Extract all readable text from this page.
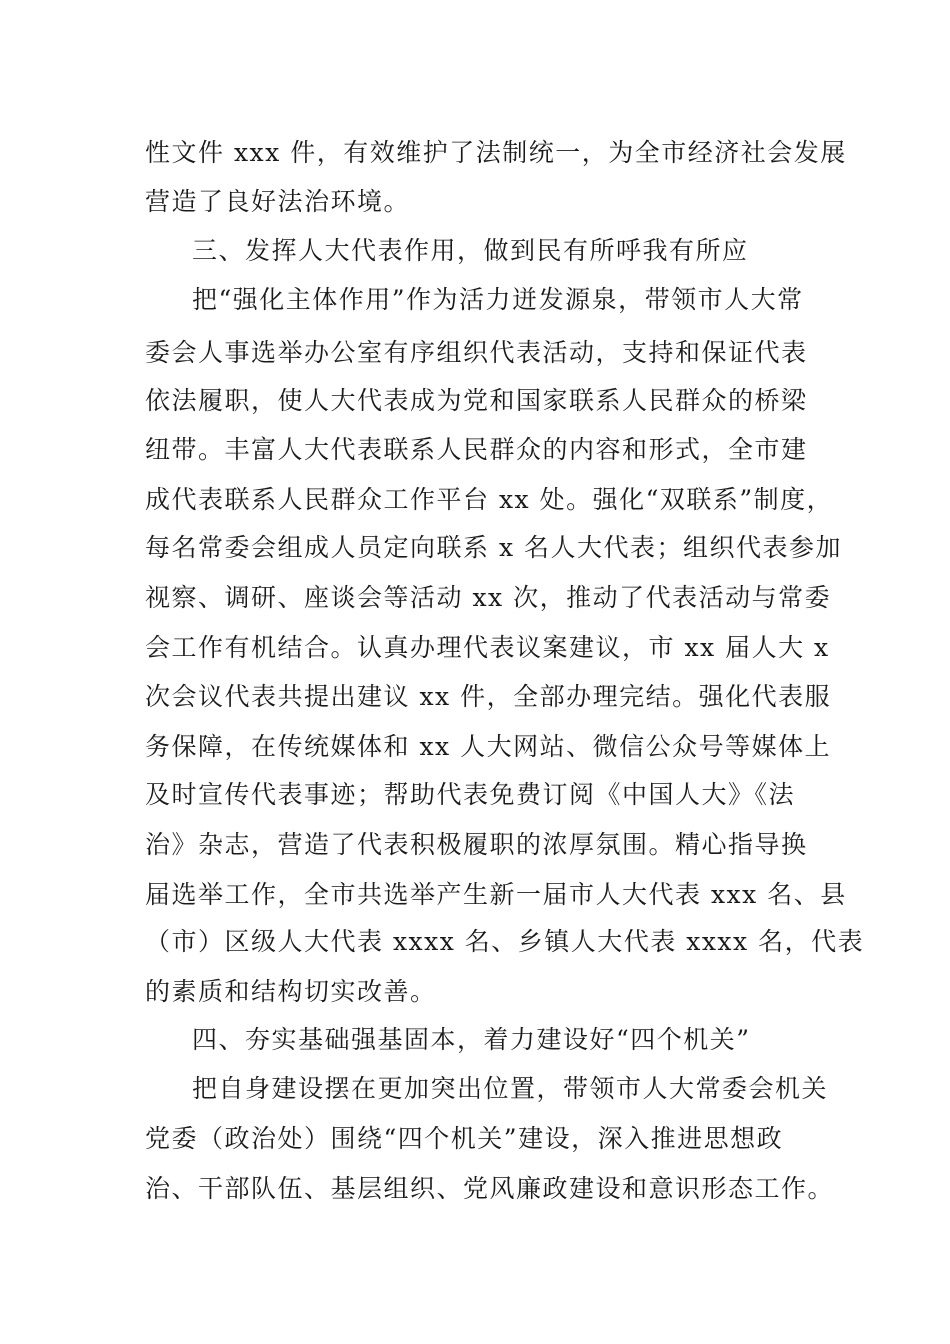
性文件 xxx 件，有效维护了法制统一，为全市经济社会发展
营造了良好法治环境。
三、发挥人大代表作用，做到民有所呼我有所应
把“强化主体作用”作为活力迸发源泉，带领市人大常
委会人事选举办公室有序组织代表活动，支持和保证代表
依法履职，使人大代表成为党和国家联系人民群众的桥梁
纽带。丰富人大代表联系人民群众的内容和形式，全市建
成代表联系人民群众工作平台 xx 处。强化“双联系”制度，
每名常委会组成人员定向联系 x 名人大代表；组织代表参加
视察、调研、座谈会等活动 xx 次，推动了代表活动与常委
会工作有机结合。认真办理代表议案建议，市 xx 届人大 x
次会议代表共提出建议 xx 件，全部办理完结。强化代表服
务保障，在传统媒体和 xx 人大网站、微信公众号等媒体上
及时宣传代表事迹；帮助代表免费订阅《中国人大》《法
治》杂志，营造了代表积极履职的浓厚氛围。精心指导换
届选举工作，全市共选举产生新一届市人大代表 xxx 名、县
（市）区级人大代表 xxxx 名、乡镇人大代表 xxxx 名，代表
的素质和结构切实改善。
四、夯实基础强基固本，着力建设好“四个机关”
把自身建设摆在更加突出位置，带领市人大常委会机关
党委（政治处）围绕“四个机关”建设，深入推进思想政
治、干部队伍、基层组织、党风廉政建设和意识形态工作。
